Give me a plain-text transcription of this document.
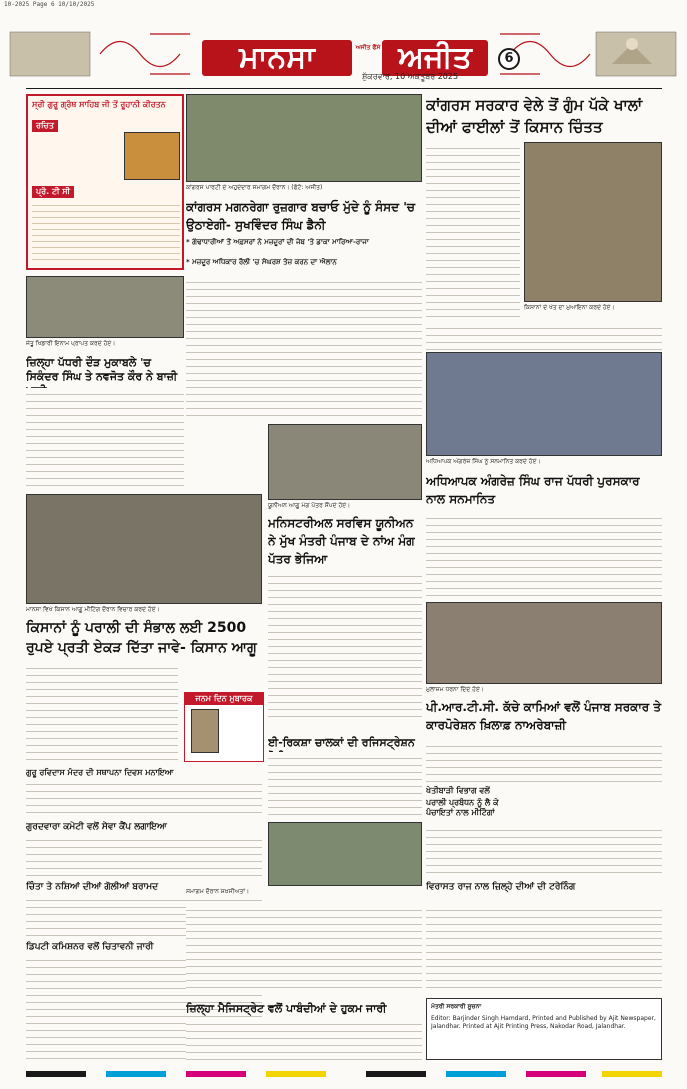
10-2025 Page 6 10/10/2025
ਮਾਨਸਾ	ਅਜੀਤ ਫੈਂਸੇ ਅਜੀਤ
ਸ਼ੁੱਕਰਵਾਰ, 10 ਅਕਤੂਬਰ 2025
6
ਸ੍ਰੀ ਗੁਰੂ ਗ੍ਰੰਥ ਸਾਹਿਬ ਜੀ ਤੋਂ ਰੂਹਾਨੀ ਕੀਰਤਨ
ਰਚਿਤ
ਪ੍ਰੋ. ਟੀ ਸੀ
ਜੇਤੂ ਖਿਡਾਰੀ ਇਨਾਮ ਪ੍ਰਾਪਤ ਕਰਦੇ ਹੋਏ।
ਜ਼ਿਲ੍ਹਾ ਪੱਧਰੀ ਦੌੜ ਮੁਕਾਬਲੇ 'ਚ ਸਿਕੰਦਰ ਸਿੰਘ ਤੇ ਨਵਜੋਤ ਕੌਰ ਨੇ ਬਾਜ਼ੀ
ਮਾਨਸਾ ਵਿਖੇ ਕਿਸਾਨ ਆਗੂ ਮੀਟਿੰਗ ਦੌਰਾਨ ਵਿਚਾਰ ਕਰਦੇ ਹੋਏ।
ਕਿਸਾਨਾਂ ਨੂੰ ਪਰਾਲੀ ਦੀ ਸੰਭਾਲ ਲਈ 2500 ਰੁਪਏ ਪ੍ਰਤੀ ਏਕੜ ਦਿੱਤਾ ਜਾਵੇ- ਕਿਸਾਨ ਆਗੂ
ਗੁਰੂ ਰਵਿਦਾਸ ਮੰਦਰ ਦੀ ਸਥਾਪਨਾ ਦਿਵਸ ਮਨਾਇਆ
ਗੁਰਦਵਾਰਾ ਕਮੇਟੀ ਵਲੋਂ ਸੇਵਾ ਕੈਂਪ ਲਗਾਇਆ
ਚਿੰਤਾ ਤੇ ਨਸ਼ਿਆਂ ਦੀਆਂ ਗੋਲੀਆਂ ਬਰਾਮਦ
ਡਿਪਟੀ ਕਮਿਸ਼ਨਰ ਵਲੋਂ ਚਿਤਾਵਨੀ ਜਾਰੀ
ਕਾਂਗਰਸ ਪਾਰਟੀ ਦੇ ਅਹੁਦੇਦਾਰ ਸਮਾਗਮ ਦੌਰਾਨ। (ਫੋਟੋ: ਅਜੀਤ)
ਕਾਂਗਰਸ ਮਗਨਰੇਗਾ ਰੁਜ਼ਗਾਰ ਬਚਾਓ ਮੁੱਦੇ ਨੂੰ ਸੰਸਦ 'ਚ ਉਠਾਏਗੀ- ਸੁਖਵਿੰਦਰ ਸਿੰਘ ਡੈਨੀ
* ਗੰਢਾਧਾਰੀਆਂ ਤੋਂ ਅਫ਼ਸਰਾਂ ਨੇ ਮਜ਼ਦੂਰਾਂ ਦੀ ਜੇਬ 'ਤੇ ਡਾਕਾ ਮਾਰਿਆ-ਰਾਜਾ
* ਮਜ਼ਦੂਰ ਅਧਿਕਾਰ ਰੈਲੀ 'ਚ ਸੰਘਰਸ਼ ਤੇਜ਼ ਕਰਨ ਦਾ ਐਲਾਨ
ਯੂਨੀਅਨ ਆਗੂ ਮੰਗ ਪੱਤਰ ਸੌਂਪਦੇ ਹੋਏ।
ਮਨਿਸਟਰੀਅਲ ਸਰਵਿਸ ਯੂਨੀਅਨ ਨੇ ਮੁੱਖ ਮੰਤਰੀ ਪੰਜਾਬ ਦੇ ਨਾਂਅ ਮੰਗ ਪੱਤਰ ਭੇਜਿਆ
ਈ-ਰਿਕਸ਼ਾ ਚਾਲਕਾਂ ਦੀ ਰਜਿਸਟ੍ਰੇਸ਼ਨ
ਜਨਮ ਦਿਨ ਮੁਬਾਰਕ
ਸਮਾਗਮ ਦੌਰਾਨ ਸ਼ਖ਼ਸੀਅਤਾਂ।
ਜ਼ਿਲ੍ਹਾ ਮੈਜਿਸਟ੍ਰੇਟ ਵਲੋਂ ਪਾਬੰਦੀਆਂ ਦੇ ਹੁਕਮ ਜਾਰੀ
ਕਾਂਗਰਸ ਸਰਕਾਰ ਵੇਲੇ ਤੋਂ ਗੁੰਮ ਪੱਕੇ ਖਾਲਾਂ ਦੀਆਂ ਫਾਈਲਾਂ ਤੋਂ ਕਿਸਾਨ ਚਿੰਤਤ
ਕਿਸਾਨਾਂ ਦੇ ਖੇਤ ਦਾ ਮੁਆਇਨਾ ਕਰਦੇ ਹੋਏ।
ਅਧਿਆਪਕ ਅੰਗਰੇਜ਼ ਸਿੰਘ ਨੂੰ ਸਨਮਾਨਿਤ ਕਰਦੇ ਹੋਏ।
ਅਧਿਆਪਕ ਅੰਗਰੇਜ਼ ਸਿੰਘ ਰਾਜ ਪੱਧਰੀ ਪੁਰਸਕਾਰ ਨਾਲ ਸਨਮਾਨਿਤ
ਮੁਲਾਜ਼ਮ ਧਰਨਾ ਦਿੰਦੇ ਹੋਏ।
ਪੀ.ਆਰ.ਟੀ.ਸੀ. ਕੱਚੇ ਕਾਮਿਆਂ ਵਲੋਂ ਪੰਜਾਬ ਸਰਕਾਰ ਤੇ ਕਾਰਪੋਰੇਸ਼ਨ ਖ਼ਿਲਾਫ਼ ਨਾਅਰੇਬਾਜ਼ੀ
ਖੇਤੀਬਾੜੀ ਵਿਭਾਗ ਵਲੋਂ
ਪਰਾਲੀ ਪ੍ਰਬੰਧਨ ਨੂੰ ਲੈ ਕੇ ਪੰਚਾਇਤਾਂ ਨਾਲ ਮੀਟਿੰਗਾਂ
ਵਿਰਾਸਤ ਰਾਜ ਨਾਲ ਜ਼ਿਲ੍ਹੇ ਦੀਆਂ ਦੀ ਟਰੇਨਿੰਗ
ਮੰਤਰੀ ਸਰਕਾਰੀ ਸੂਚਨਾ
Editor: Barjinder Singh Hamdard, Printed and Published by Ajit Newspaper, Jalandhar. Printed at Ajit Printing Press, Nakodar Road, Jalandhar.
